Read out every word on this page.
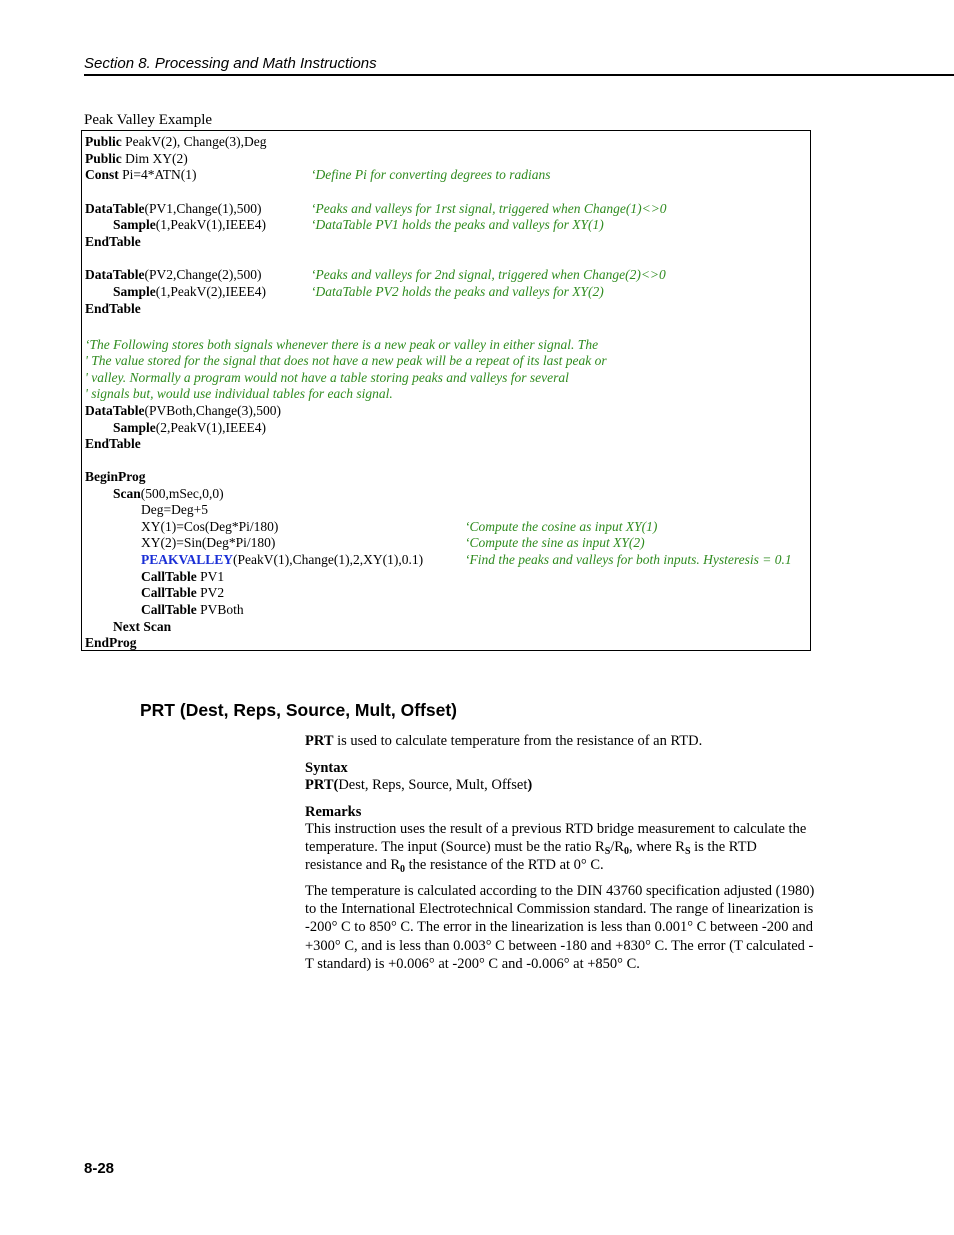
Section 8. Processing and Math Instructions
Peak Valley Example
Public PeakV(2), Change(3),Deg
Public Dim XY(2)
Const Pi=4*ATN(1)	‘Define Pi for converting degrees to radians
DataTable(PV1,Change(1),500)	‘Peaks and valleys for 1rst signal, triggered when Change(1)<>0
Sample(1,PeakV(1),IEEE4)	‘DataTable PV1 holds the peaks and valleys for XY(1)
EndTable
DataTable(PV2,Change(2),500)	‘Peaks and valleys for 2nd signal, triggered when Change(2)<>0
Sample(1,PeakV(2),IEEE4)	‘DataTable PV2 holds the peaks and valleys for XY(2)
EndTable
‘The Following stores both signals whenever there is a new peak or valley in either signal. The
' The value stored for the signal that does not have a new peak will be a repeat of its last peak or
' valley. Normally a program would not have a table storing peaks and valleys for several
' signals but, would use individual tables for each signal.
DataTable(PVBoth,Change(3),500)
Sample(2,PeakV(1),IEEE4)
EndTable
BeginProg
Scan(500,mSec,0,0)
Deg=Deg+5
XY(1)=Cos(Deg*Pi/180)	‘Compute the cosine as input XY(1)
XY(2)=Sin(Deg*Pi/180)	‘Compute the sine as input XY(2)
PEAKVALLEY(PeakV(1),Change(1),2,XY(1),0.1)	‘Find the peaks and valleys for both inputs. Hysteresis = 0.1
CallTable PV1
CallTable PV2
CallTable PVBoth
Next Scan
EndProg
PRT (Dest, Reps, Source, Mult, Offset)
PRT is used to calculate temperature from the resistance of an RTD.
Syntax
PRT(Dest, Reps, Source, Mult, Offset)
Remarks
This instruction uses the result of a previous RTD bridge measurement to calculate the temperature. The input (Source) must be the ratio $R_S/R_0$, where $R_S$ is the RTD resistance and $R_0$ the resistance of the RTD at 0° C.
The temperature is calculated according to the DIN 43760 specification adjusted (1980) to the International Electrotechnical Commission standard. The range of linearization is -200° C to 850° C. The error in the linearization is less than 0.001° C between -200 and +300° C, and is less than 0.003° C between -180 and +830° C. The error (T calculated - T standard) is +0.006° at -200° C and -0.006° at +850° C.
8-28
